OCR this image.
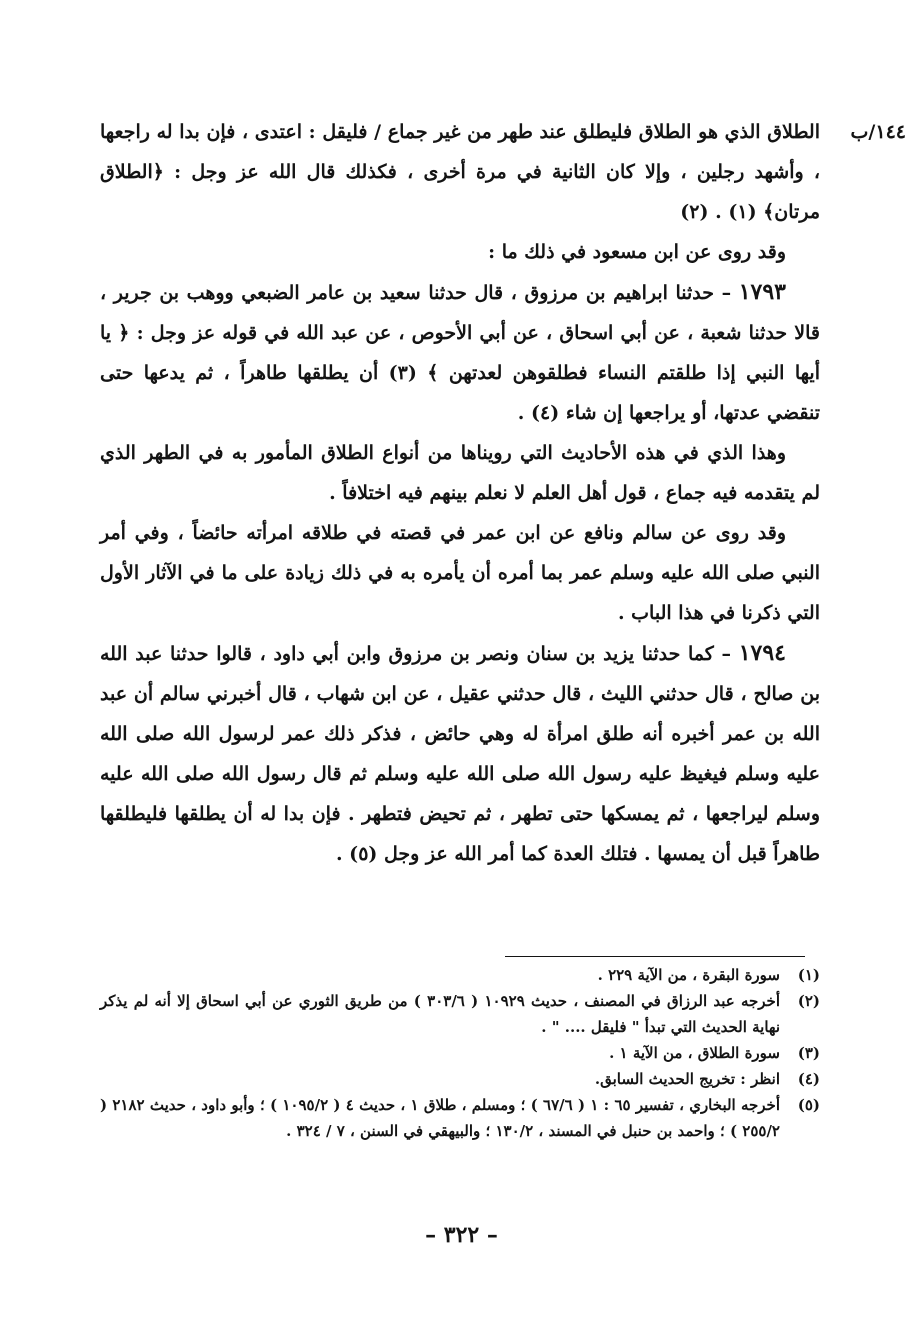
١٤٤/ب

الطلاق الذي هو الطلاق فليطلق عند طهر من غير جماع / فليقل : اعتدى ، فإن بدا له راجعها ، وأشهد رجلين ، وإلا كان الثانية في مرة أخرى ، فكذلك قال الله عز وجل : ﴿الطلاق مرتان﴾ (١) . (٢)

وقد روى عن ابن مسعود في ذلك ما :

١٧٩٣ – حدثنا ابراهيم بن مرزوق ، قال حدثنا سعيد بن عامر الضبعي ووهب بن جرير ، قالا حدثنا شعبة ، عن أبي اسحاق ، عن أبي الأحوص ، عن عبد الله في قوله عز وجل : ﴿ يا أيها النبي إذا طلقتم النساء فطلقوهن لعدتهن ﴾ (٣) أن يطلقها طاهراً ، ثم يدعها حتى تنقضي عدتها، أو يراجعها إن شاء (٤) .

وهذا الذي في هذه الأحاديث التي رويناها من أنواع الطلاق المأمور به في الطهر الذي لم يتقدمه فيه جماع ، قول أهل العلم لا نعلم بينهم فيه اختلافاً .

وقد روى عن سالم ونافع عن ابن عمر في قصته في طلاقه امرأته حائضاً ، وفي أمر النبي صلى الله عليه وسلم عمر بما أمره أن يأمره به في ذلك زيادة على ما في الآثار الأول التي ذكرنا في هذا الباب .

١٧٩٤ – كما حدثنا يزيد بن سنان ونصر بن مرزوق وابن أبي داود ، قالوا حدثنا عبد الله بن صالح ، قال حدثني الليث ، قال حدثني عقيل ، عن ابن شهاب ، قال أخبرني سالم أن عبد الله بن عمر أخبره أنه طلق امرأة له وهي حائض ، فذكر ذلك عمر لرسول الله صلى الله عليه وسلم فيغيظ عليه رسول الله صلى الله عليه وسلم ثم قال رسول الله صلى الله عليه وسلم ليراجعها ، ثم يمسكها حتى تطهر ، ثم تحيض فتطهر . فإن بدا له أن يطلقها فليطلقها طاهراً قبل أن يمسها . فتلك العدة كما أمر الله عز وجل (٥) .

(١)
سورة البقرة ، من الآية ٢٢٩ .
(٢)
أخرجه عبد الرزاق في المصنف ، حديث ١٠٩٢٩ ( ٣٠٣/٦ ) من طريق الثوري عن أبي اسحاق إلا أنه لم يذكر نهاية الحديث التي تبدأ " فليقل .... " .
(٣)
سورة الطلاق ، من الآية ١ .
(٤)
انظر : تخريج الحديث السابق.
(٥)
أخرجه البخاري ، تفسير ٦٥ : ١ ( ٦٧/٦ ) ؛ ومسلم ، طلاق ١ ، حديث ٤ ( ١٠٩٥/٢ ) ؛ وأبو داود ، حديث ٢١٨٢ ( ٢٥٥/٢ ) ؛ واحمد بن حنبل في المسند ، ١٣٠/٢ ؛ والبيهقي في السنن ، ٧ / ٣٢٤ .
– ٣٢٢ –
